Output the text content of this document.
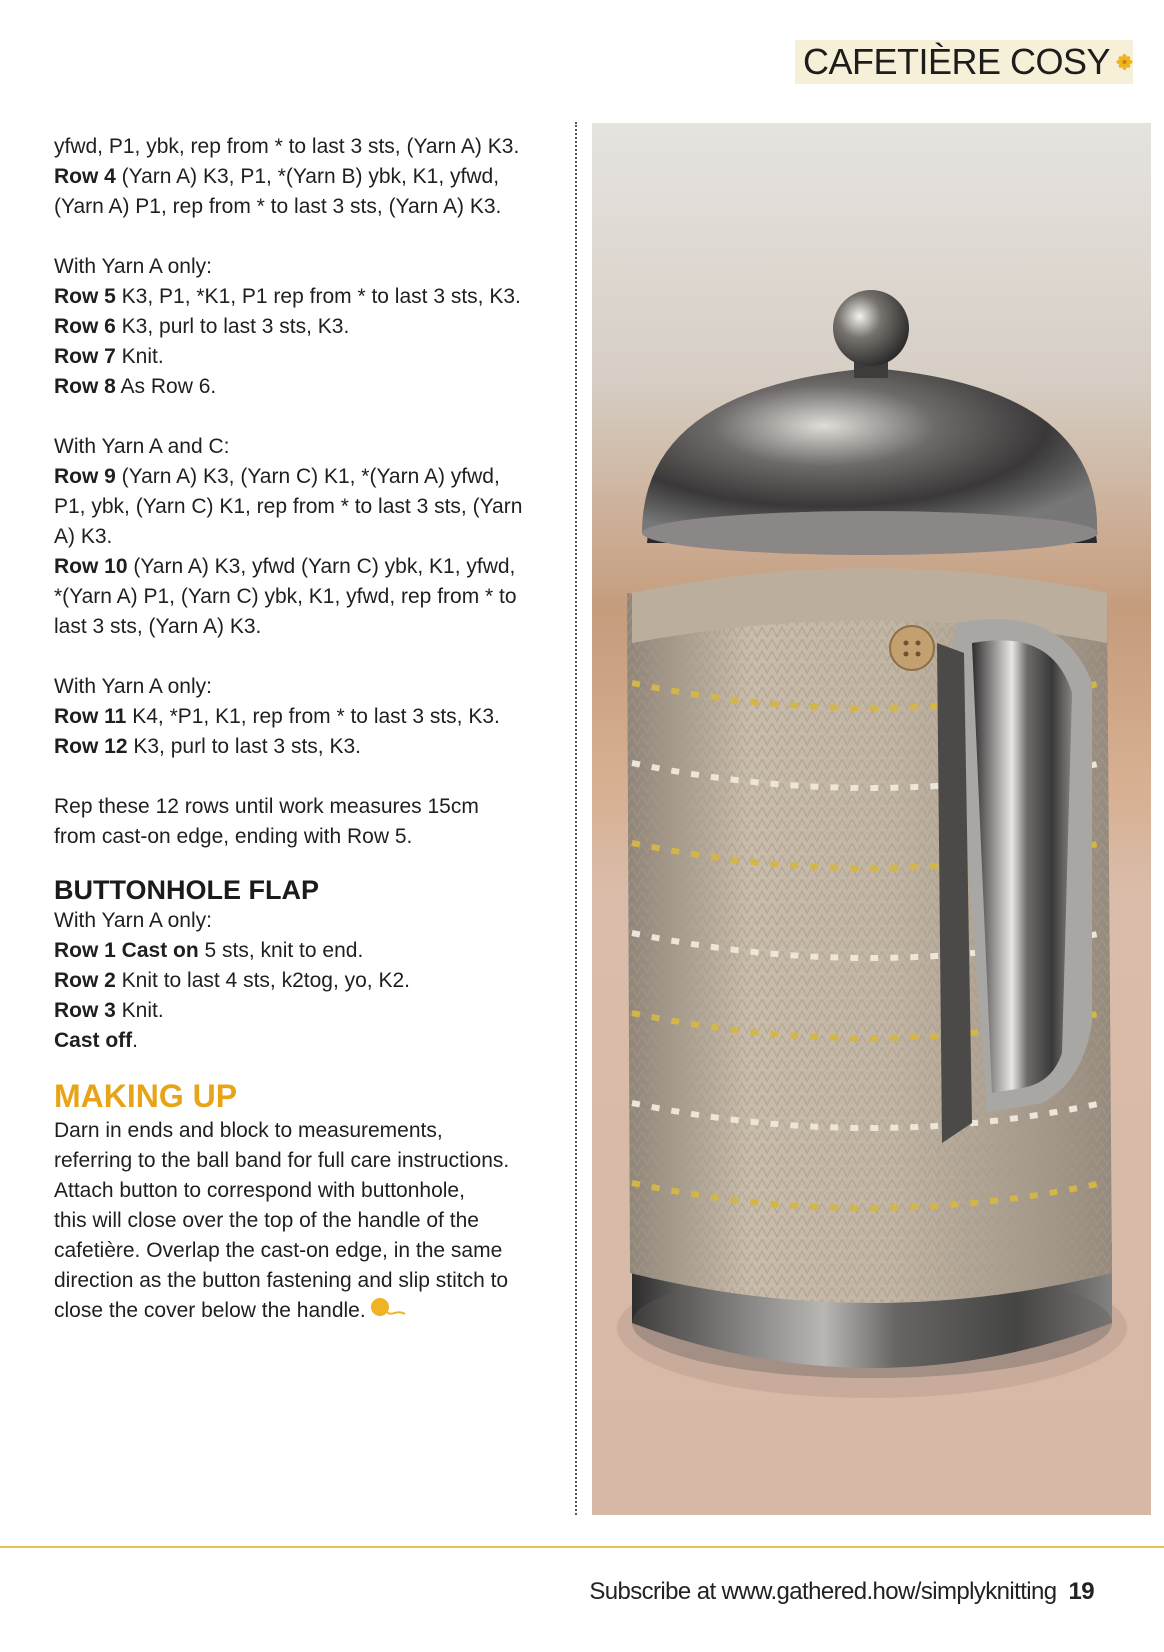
CAFETIÈRE COSY

yfwd, P1, ybk, rep from * to last 3 sts, (Yarn A) K3.

Row 4 (Yarn A) K3, P1, *(Yarn B) ybk, K1, yfwd,

(Yarn A) P1, rep from * to last 3 sts, (Yarn A) K3.

With Yarn A only:

Row 5 K3, P1, *K1, P1 rep from * to last 3 sts, K3.

Row 6 K3, purl to last 3 sts, K3.

Row 7 Knit.

Row 8 As Row 6.

With Yarn A and C:

Row 9 (Yarn A) K3, (Yarn C) K1, *(Yarn A) yfwd,

P1, ybk, (Yarn C) K1, rep from * to last 3 sts, (Yarn

A) K3.

Row 10 (Yarn A) K3, yfwd (Yarn C) ybk, K1, yfwd,

*(Yarn A) P1, (Yarn C) ybk, K1, yfwd, rep from * to

last 3 sts, (Yarn A) K3.

With Yarn A only:

Row 11 K4, *P1, K1, rep from * to last 3 sts, K3.

Row 12 K3, purl to last 3 sts, K3.

Rep these 12 rows until work measures 15cm

from cast-on edge, ending with Row 5.

BUTTONHOLE FLAP

With Yarn A only:

Row 1 Cast on 5 sts, knit to end.

Row 2 Knit to last 4 sts, k2tog, yo, K2.

Row 3 Knit.

Cast off.

MAKING UP

Darn in ends and block to measurements,

referring to the ball band for full care instructions.

Attach button to correspond with buttonhole,

this will close over the top of the handle of the

cafetière. Overlap the cast-on edge, in the same

direction as the button fastening and slip stitch to

close the cover below the handle.

Subscribe at www.gathered.how/simplyknitting 19
